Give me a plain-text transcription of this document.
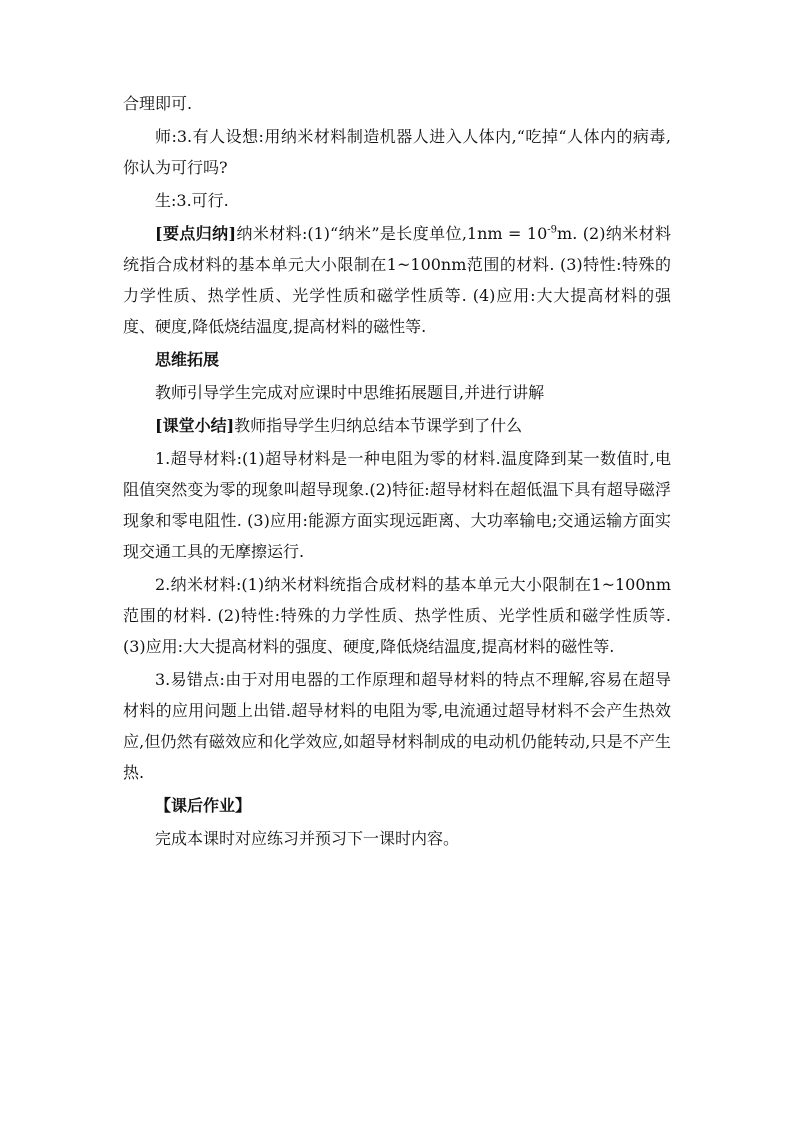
合理即可.

师:3.有人设想:用纳米材料制造机器人进入人体内,“吃掉“人体内的病毒,你认为可行吗?

生:3.可行.

[要点归纳]纳米材料:(1)“纳米”是长度单位$,1nm = 10^{-9}m$. (2)纳米材料统指合成材料的基本单元大小限制在1~100nm范围的材料. (3)特性:特殊的力学性质、热学性质、光学性质和磁学性质等. (4)应用:大大提高材料的强度、硬度,降低烧结温度,提高材料的磁性等.

思维拓展

教师引导学生完成对应课时中思维拓展题目,并进行讲解

[课堂小结]教师指导学生归纳总结本节课学到了什么

1.超导材料:(1)超导材料是一种电阻为零的材料.温度降到某一数值时,电阻值突然变为零的现象叫超导现象.(2)特征:超导材料在超低温下具有超导磁浮现象和零电阻性. (3)应用:能源方面实现远距离、大功率输电;交通运输方面实现交通工具的无摩擦运行.

2.纳米材料:(1)纳米材料统指合成材料的基本单元大小限制在1~100nm范围的材料. (2)特性:特殊的力学性质、热学性质、光学性质和磁学性质等. (3)应用:大大提高材料的强度、硬度,降低烧结温度,提高材料的磁性等.

3.易错点:由于对用电器的工作原理和超导材料的特点不理解,容易在超导材料的应用问题上出错.超导材料的电阻为零,电流通过超导材料不会产生热效应,但仍然有磁效应和化学效应,如超导材料制成的电动机仍能转动,只是不产生热.

【课后作业】

完成本课时对应练习并预习下一课时内容。
